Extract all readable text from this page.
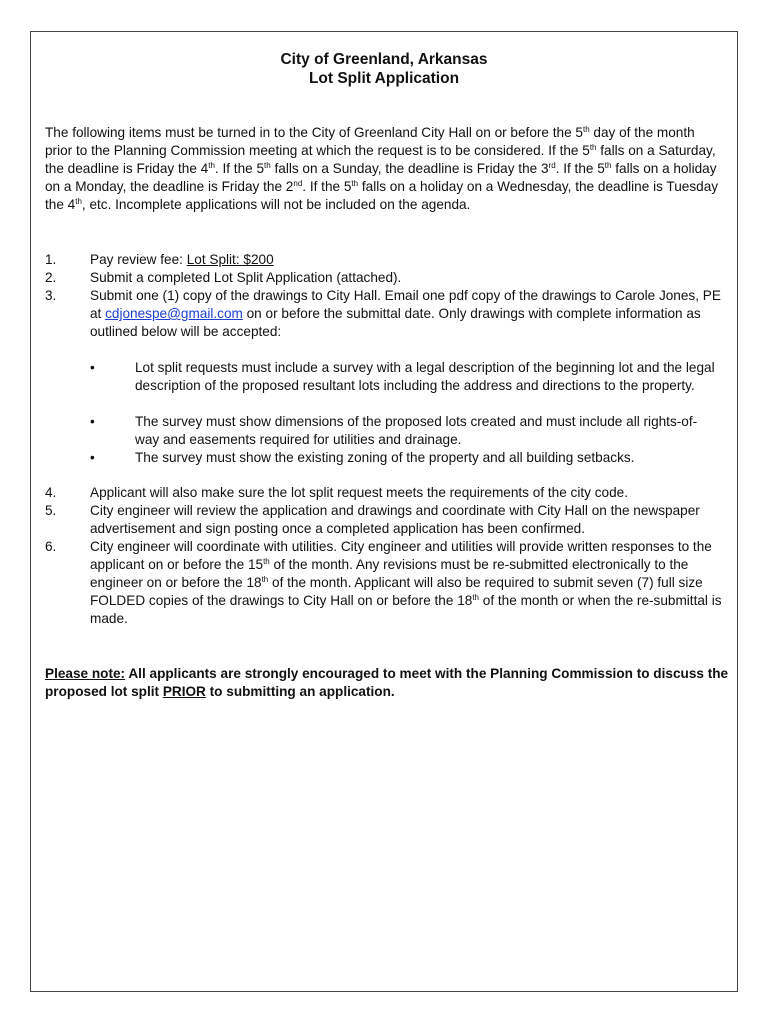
City of Greenland, Arkansas
Lot Split Application
The following items must be turned in to the City of Greenland City Hall on or before the 5th day of the month prior to the Planning Commission meeting at which the request is to be considered. If the 5th falls on a Saturday, the deadline is Friday the 4th. If the 5th falls on a Sunday, the deadline is Friday the 3rd. If the 5th falls on a holiday on a Monday, the deadline is Friday the 2nd. If the 5th falls on a holiday on a Wednesday, the deadline is Tuesday the 4th, etc. Incomplete applications will not be included on the agenda.
1. Pay review fee: Lot Split: $200
2. Submit a completed Lot Split Application (attached).
3. Submit one (1) copy of the drawings to City Hall. Email one pdf copy of the drawings to Carole Jones, PE at cdjonespe@gmail.com on or before the submittal date. Only drawings with complete information as outlined below will be accepted:
•	Lot split requests must include a survey with a legal description of the beginning lot and the legal description of the proposed resultant lots including the address and directions to the property.
•	The survey must show dimensions of the proposed lots created and must include all rights-of-way and easements required for utilities and drainage.
•	The survey must show the existing zoning of the property and all building setbacks.
4. Applicant will also make sure the lot split request meets the requirements of the city code.
5. City engineer will review the application and drawings and coordinate with City Hall on the newspaper advertisement and sign posting once a completed application has been confirmed.
6. City engineer will coordinate with utilities. City engineer and utilities will provide written responses to the applicant on or before the 15th of the month. Any revisions must be re-submitted electronically to the engineer on or before the 18th of the month. Applicant will also be required to submit seven (7) full size FOLDED copies of the drawings to City Hall on or before the 18th of the month or when the re-submittal is made.
Please note: All applicants are strongly encouraged to meet with the Planning Commission to discuss the proposed lot split PRIOR to submitting an application.
